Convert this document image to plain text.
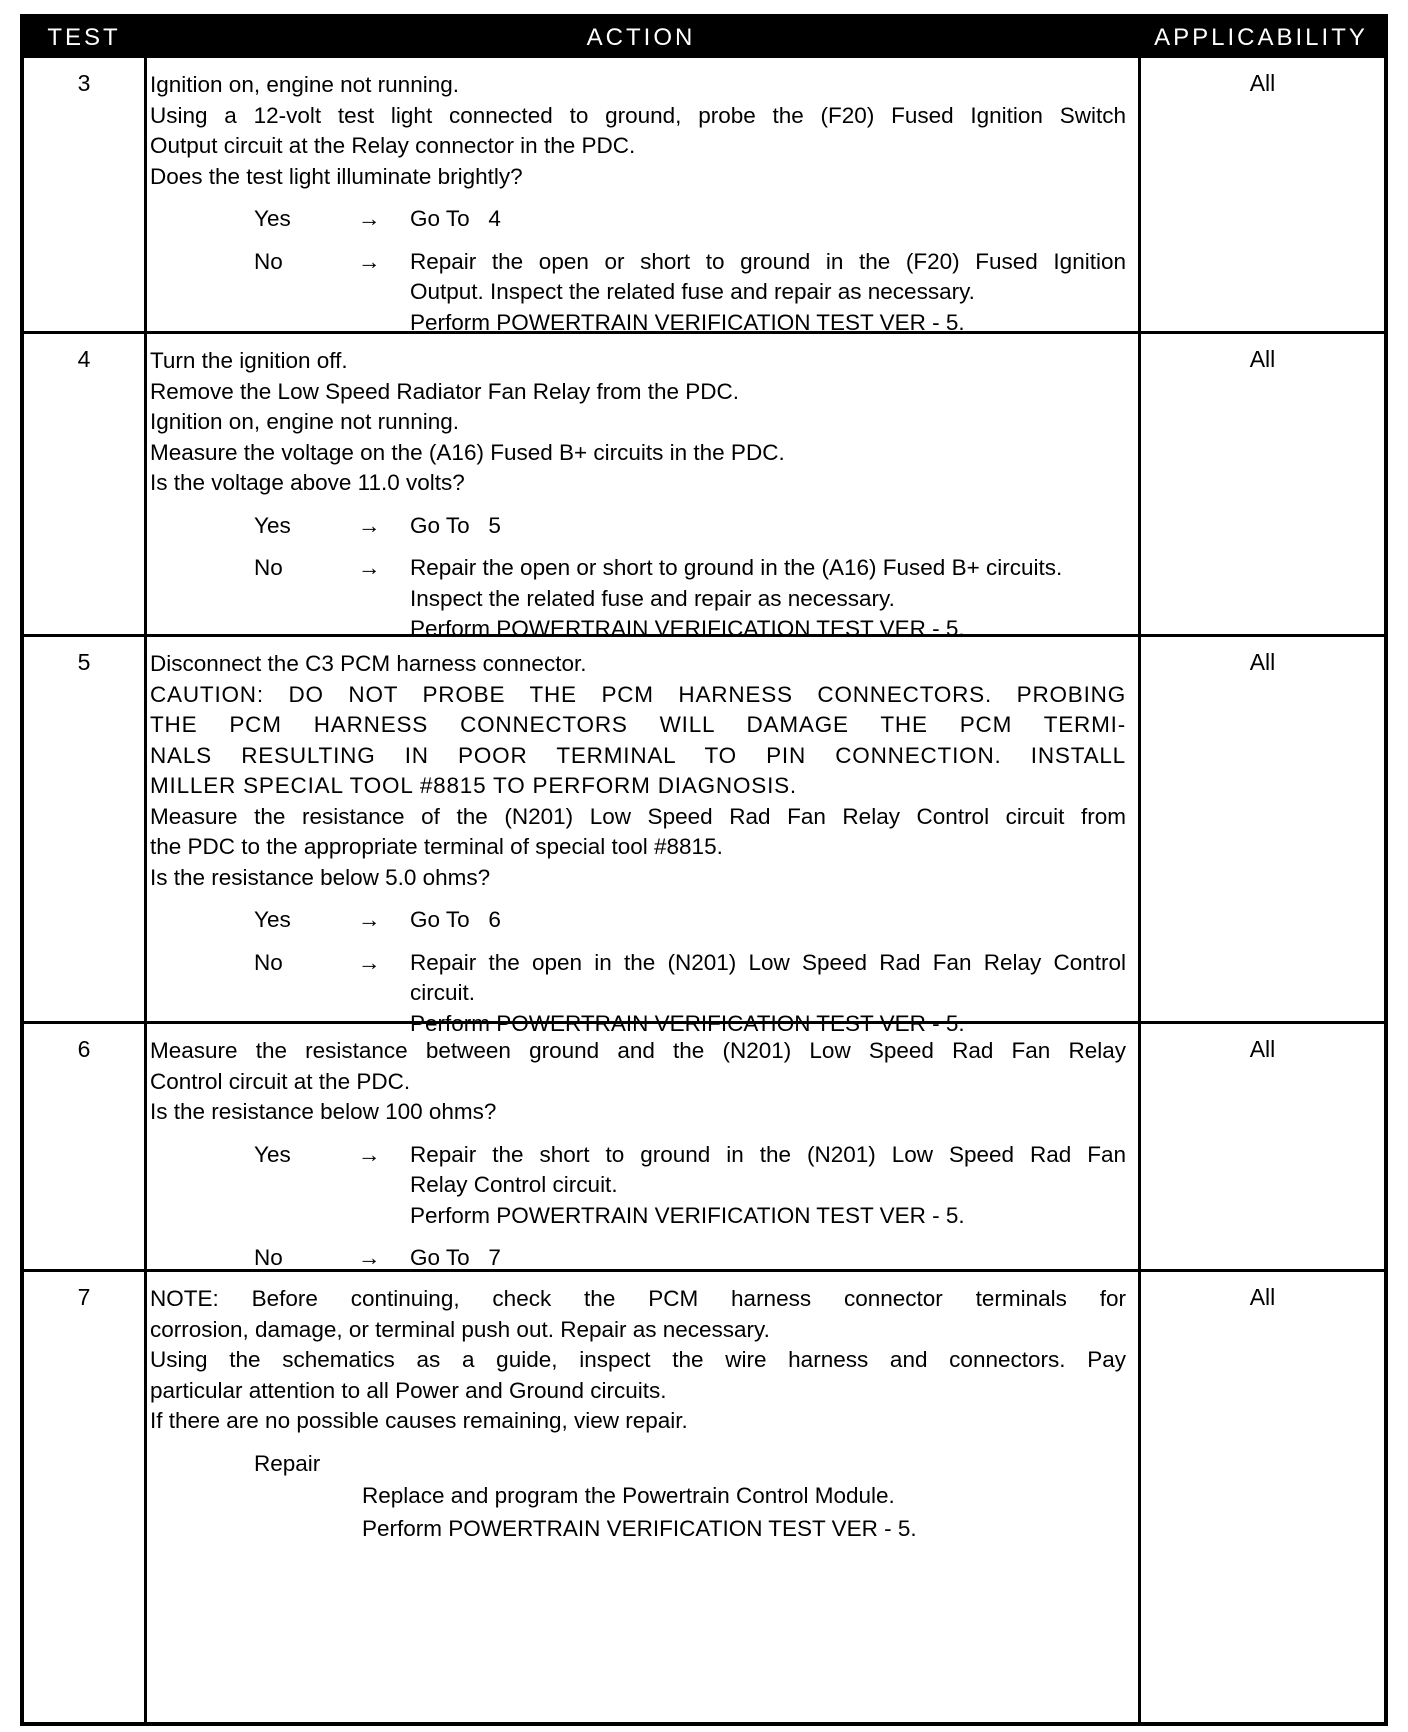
TEST	ACTION	APPLICABILITY
3	Ignition on, engine not running.
Using a 12-volt test light connected to ground, probe the (F20) Fused Ignition Switch
Output circuit at the Relay connector in the PDC.
Does the test light illuminate brightly?
Yes	→	Go To   4
No	→	Repair the open or short to ground in the (F20) Fused Ignition
Output. Inspect the related fuse and repair as necessary.
Perform POWERTRAIN VERIFICATION TEST VER - 5.
All
4	Turn the ignition off.
Remove the Low Speed Radiator Fan Relay from the PDC.
Ignition on, engine not running.
Measure the voltage on the (A16) Fused B+ circuits in the PDC.
Is the voltage above 11.0 volts?
Yes	→	Go To   5
No	→	Repair the open or short to ground in the (A16) Fused B+ circuits.
Inspect the related fuse and repair as necessary.
Perform POWERTRAIN VERIFICATION TEST VER - 5.
All
5	Disconnect the C3 PCM harness connector.
CAUTION: DO NOT PROBE THE PCM HARNESS CONNECTORS. PROBING
THE PCM HARNESS CONNECTORS WILL DAMAGE THE PCM TERMI-
NALS RESULTING IN POOR TERMINAL TO PIN CONNECTION. INSTALL
MILLER SPECIAL TOOL #8815 TO PERFORM DIAGNOSIS.
Measure the resistance of the (N201) Low Speed Rad Fan Relay Control circuit from
the PDC to the appropriate terminal of special tool #8815.
Is the resistance below 5.0 ohms?
Yes	→	Go To   6
No	→	Repair the open in the (N201) Low Speed Rad Fan Relay Control
circuit.
Perform POWERTRAIN VERIFICATION TEST VER - 5.
All
6	Measure the resistance between ground and the (N201) Low Speed Rad Fan Relay
Control circuit at the PDC.
Is the resistance below 100 ohms?
Yes	→	Repair the short to ground in the (N201) Low Speed Rad Fan
Relay Control circuit.
Perform POWERTRAIN VERIFICATION TEST VER - 5.
No	→	Go To   7
All
7	NOTE: Before continuing, check the PCM harness connector terminals for
corrosion, damage, or terminal push out. Repair as necessary.
Using the schematics as a guide, inspect the wire harness and connectors. Pay
particular attention to all Power and Ground circuits.
If there are no possible causes remaining, view repair.
Repair
Replace and program the Powertrain Control Module.
Perform POWERTRAIN VERIFICATION TEST VER - 5.
All
